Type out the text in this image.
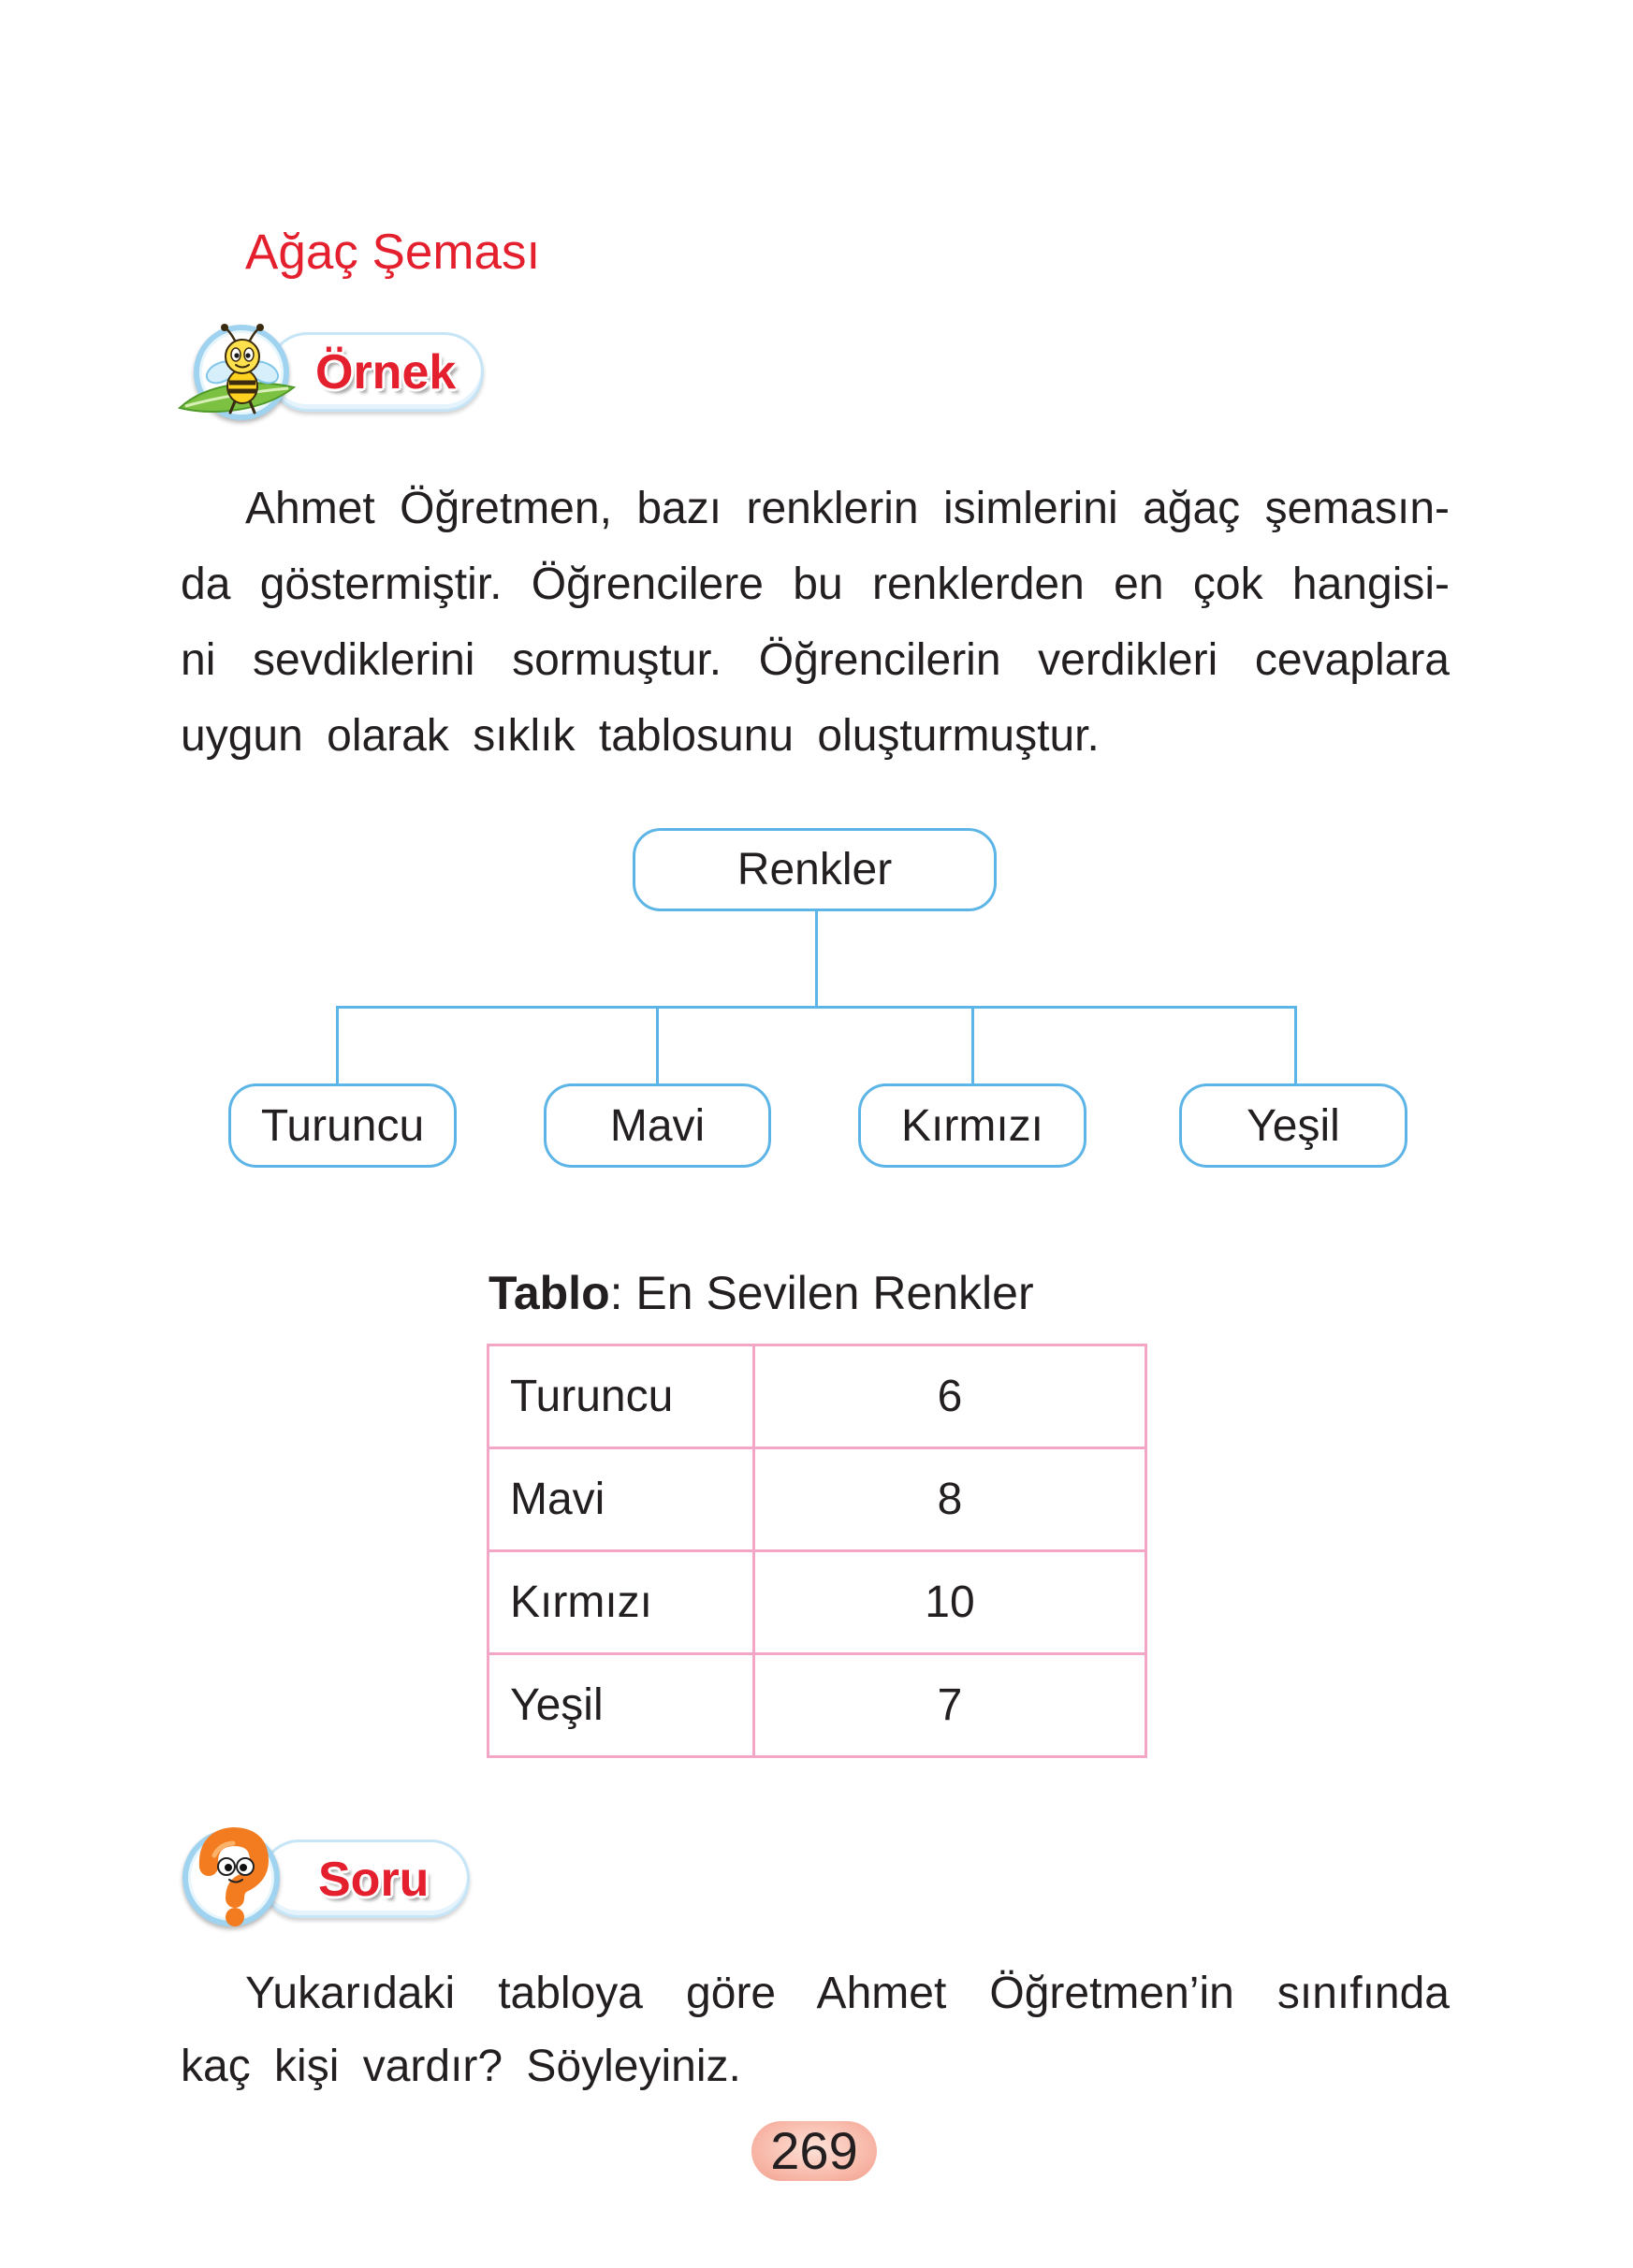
Ağaç Şeması
Örnek
Ahmet Öğretmen, bazı renklerin isimlerini ağaç şemasın-
da göstermiştir. Öğrencilere bu renklerden en çok hangisi-
ni sevdiklerini sormuştur. Öğrencilerin verdikleri cevaplara
uygun olarak sıklık tablosunu oluşturmuştur.
Renkler
Turuncu	Mavi	Kırmızı	Yeşil
Tablo: En Sevilen Renkler
Turuncu	6
Mavi	8
Kırmızı	10
Yeşil	7
Soru
Yukarıdaki tabloya göre Ahmet Öğretmen’in sınıfında
kaç kişi vardır? Söyleyiniz.
269
